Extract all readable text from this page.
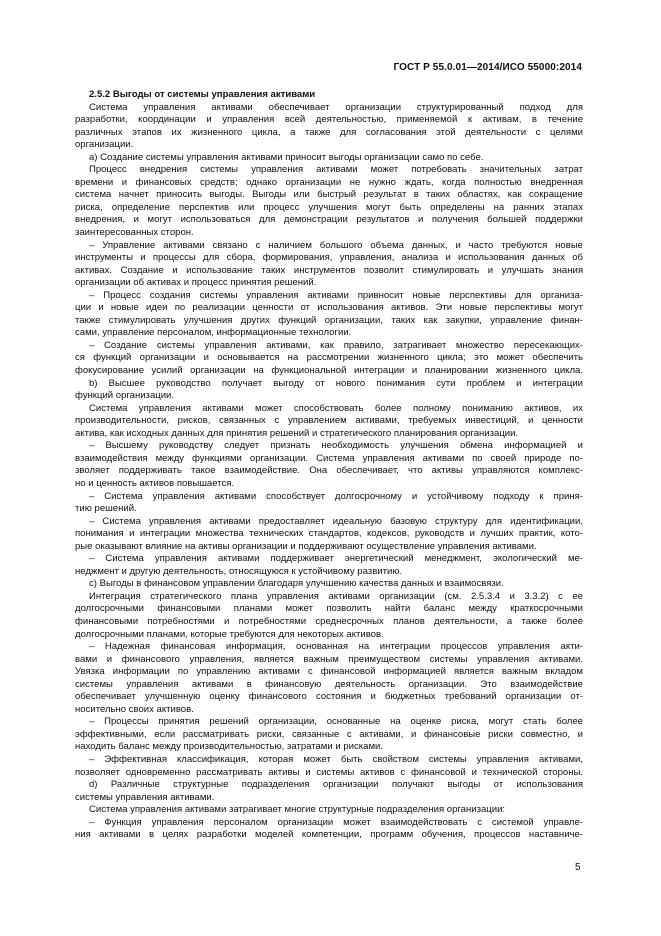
ГОСТ Р 55.0.01—2014/ИСО 55000:2014
2.5.2 Выгоды от системы управления активами
Система управления активами обеспечивает организации структурированный подход для
разработки, координации и управления всей деятельностью, применяемой к активам, в течение
различных этапов их жизненного цикла, а также для согласования этой деятельности с целями
организации.
а) Создание системы управления активами приносит выгоды организации само по себе.
Процесс внедрения системы управления активами может потребовать значительных затрат
времени и финансовых средств; однако организации не нужно ждать, когда полностью внедренная
система начнет приносить выгоды. Выгоды или быстрый результат в таких областях, как сокращение
риска, определение перспектив или процесс улучшения могут быть определены на ранних этапах
внедрения, и могут использоваться для демонстрации результатов и получения большей поддержки
заинтересованных сторон.
– Управление активами связано с наличием большого объема данных, и часто требуются новые
инструменты и процессы для сбора, формирования, управления, анализа и использования данных об
активах. Создание и использование таких инструментов позволит стимулировать и улучшать знания
организации об активах и процесс принятия решений.
– Процесс создания системы управления активами привносит новые перспективы для организа-
ции и новые идеи по реализации ценности от использования активов. Эти новые перспективы могут
также стимулировать улучшения других функций организации, таких как закупки, управление финан-
сами, управление персоналом, информационные технологии.
– Создание системы управления активами, как правило, затрагивает множество пересекающих-
ся функций организации и основывается на рассмотрении жизненного цикла; это может обеспечить
фокусирование усилий организации на функциональной интеграции и планировании жизненного цикла.
b) Высшее руководство получает выгоду от нового понимания сути проблем и интеграции
функций организации.
Система управления активами может способствовать более полному пониманию активов, их
производительности, рисков, связанных с управлением активами, требуемых инвестиций, и ценности
актива, как исходных данных для принятия решений и стратегического планирования организации.
– Высшему руководству следует признать необходимость улучшения обмена информацией и
взаимодействия между функциями организации. Система управления активами по своей природе по-
зволяет поддерживать такое взаимодействие. Она обеспечивает, что активы управляются комплекс-
но и ценность активов повышается.
– Система управления активами способствует долгосрочному и устойчивому подходу к приня-
тию решений.
– Система управления активами предоставляет идеальную базовую структуру для идентификации,
понимания и интеграции множества технических стандартов, кодексов, руководств и лучших практик, кото-
рые оказывают влияние на активы организации и поддерживают осуществление управления активами.
– Система управления активами поддерживает энергетический менеджмент, экологический ме-
неджмент и другую деятельность, относящуюся к устойчивому развитию.
с) Выгоды в финансовом управлении благодаря улучшению качества данных и взаимосвязи.
Интеграция стратегического плана управления активами организации (см. 2.5.3.4 и 3.3.2) с ее
долгосрочными финансовыми планами может позволить найти баланс между краткосрочными
финансовыми потребностями и потребностями среднесрочных планов деятельности, а также более
долгосрочными планами, которые требуются для некоторых активов.
– Надежная финансовая информация, основанная на интеграции процессов управления акти-
вами и финансового управления, является важным преимуществом системы управления активами.
Увязка информации по управлению активами с финансовой информацией является важным вкладом
системы управления активами в финансовую деятельность организации. Это взаимодействие
обеспечивает улучшенную оценку финансового состояния и бюджетных требований организации от-
носительно своих активов.
– Процессы принятия решений организации, основанные на оценке риска, могут стать более
эффективными, если рассматривать риски, связанные с активами, и финансовые риски совместно, и
находить баланс между производительностью, затратами и рисками.
– Эффективная классификация, которая может быть свойством системы управления активами,
позволяет одновременно рассматривать активы и системы активов с финансовой и технической стороны.
d) Различные структурные подразделения организации получают выгоды от использования
системы управления активами.
Система управления активами затрагивает многие структурные подразделения организации:
– Функция управления персоналом организации может взаимодействовать с системой управле-
ния активами в целях разработки моделей компетенции, программ обучения, процессов наставниче-
5
